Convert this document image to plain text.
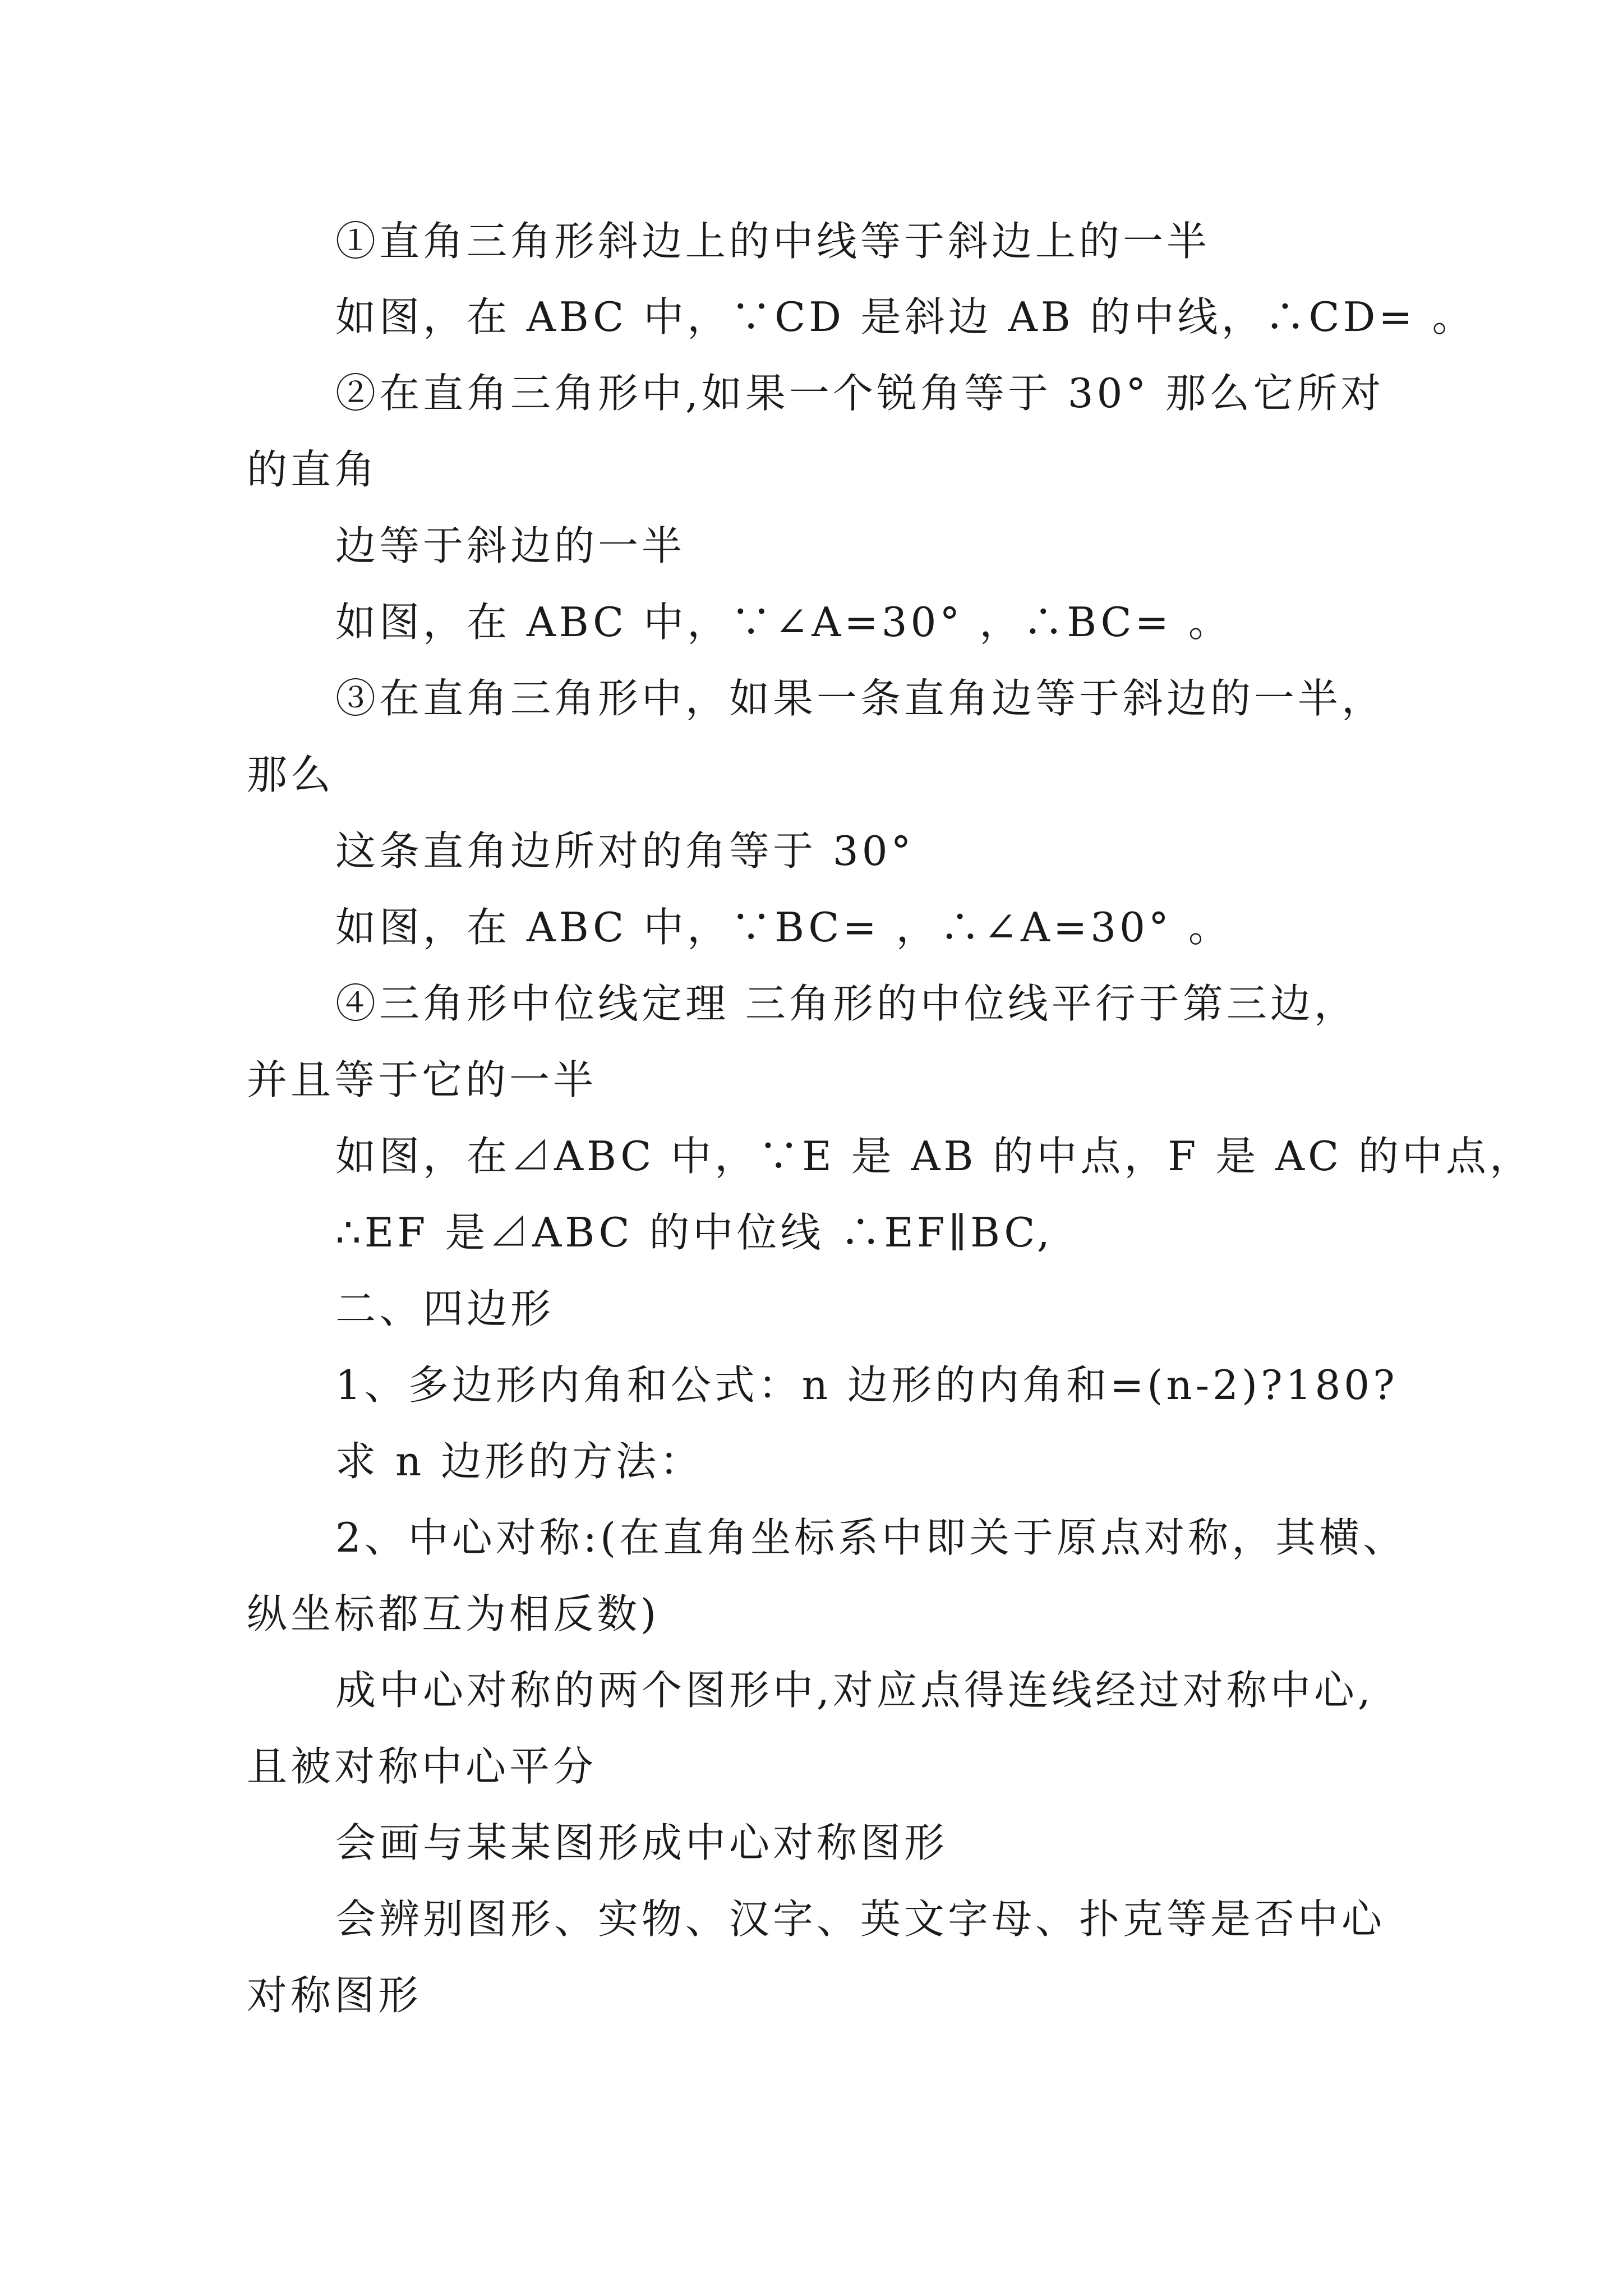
①直角三角形斜边上的中线等于斜边上的一半

如图，在 ABC 中，∵CD 是斜边 AB 的中线，∴CD= 。

②在直角三角形中,如果一个锐角等于 30° 那么它所对

的直角

边等于斜边的一半

如图，在 ABC 中，∵∠A=30° ，∴BC= 。

③在直角三角形中，如果一条直角边等于斜边的一半，

那么

这条直角边所对的角等于 30°

如图，在 ABC 中，∵BC= ，∴∠A=30° 。

④三角形中位线定理 三角形的中位线平行于第三边，

并且等于它的一半

如图，在⊿ABC 中，∵E 是 AB 的中点，F 是 AC 的中点，

∴EF 是⊿ABC 的中位线 ∴EF∥BC,

二、四边形

1、多边形内角和公式：n 边形的内角和=(n-2)?180?

求 n 边形的方法：

2、中心对称:(在直角坐标系中即关于原点对称，其横、

纵坐标都互为相反数)

成中心对称的两个图形中,对应点得连线经过对称中心,

且被对称中心平分

会画与某某图形成中心对称图形

会辨别图形、实物、汉字、英文字母、扑克等是否中心

对称图形
